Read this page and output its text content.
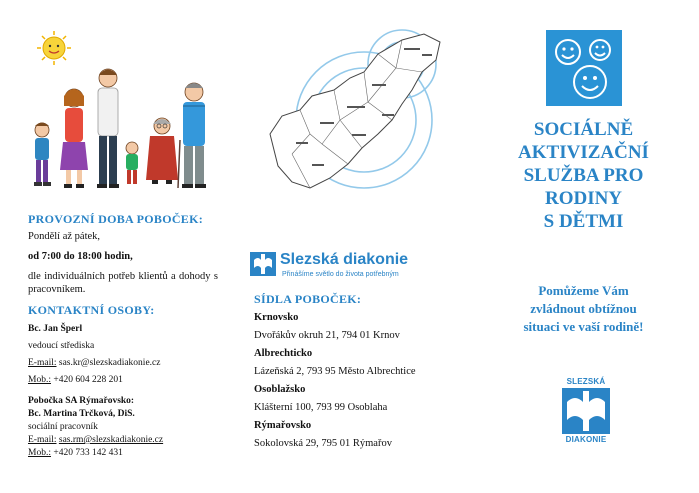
PROVOZNÍ DOBA POBOČEK:

Pondělí až pátek,

od 7:00 do 18:00 hodin,

dle individuálních potřeb klientů a dohody s pracovníkem.

KONTAKTNÍ OSOBY:

Bc. Jan Šperl

vedoucí střediska

E-mail: sas.kr@slezskadiakonie.cz

Mob.: +420 604 228 201

Pobočka SA Rýmařovsko:

Bc. Martina Trčková, DiS.

sociální pracovník

E-mail: sas.rm@slezskadiakonie.cz

Mob.: +420 733 142 431

Slezská diakonie
Přinášíme světlo do života potřebným

SÍDLA POBOČEK:

Krnovsko

Dvořákův okruh 21, 794 01 Krnov

Albrechticko

Lázeňská 2, 793 95 Město Albrechtice

Osoblažsko

Klášterní 100, 793 99 Osoblaha

Rýmařovsko

Sokolovská 29, 795 01 Rýmařov

SOCIÁLNĚ
AKTIVIZAČNÍ
SLUŽBA PRO
RODINY
S DĚTMI
Pomůžeme Vám
zvládnout obtížnou
situaci ve vaší rodině!
SLEZSKÁ
DIAKONIE
